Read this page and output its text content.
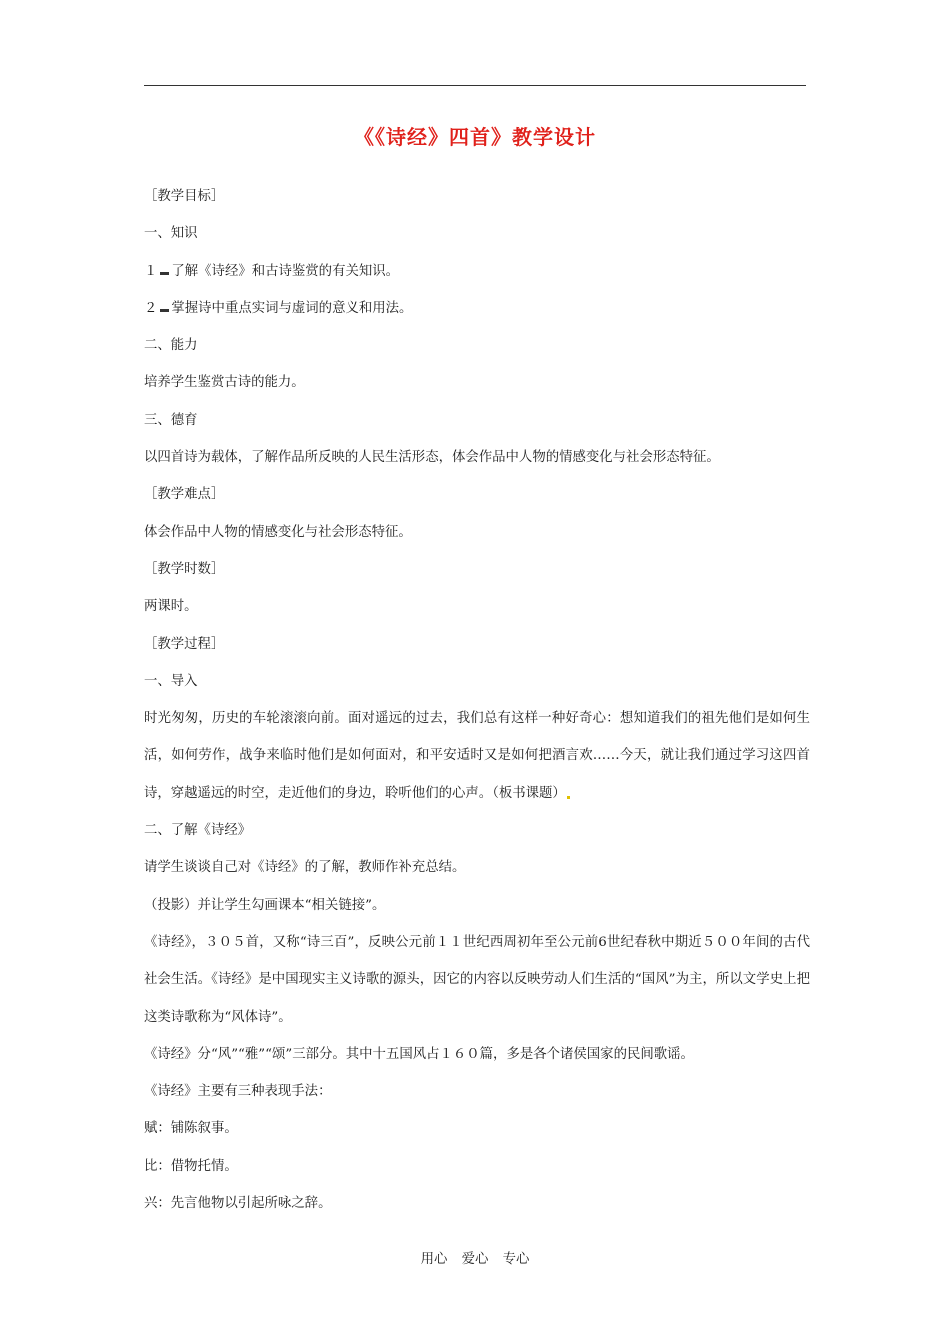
《《诗经》四首》教学设计

［教学目标］

一、知识

１ 了解《诗经》和古诗鉴赏的有关知识。

２ 掌握诗中重点实词与虚词的意义和用法。

二、能力

培养学生鉴赏古诗的能力。

三、德育

以四首诗为载体，了解作品所反映的人民生活形态，体会作品中人物的情感变化与社会形态特征。

［教学难点］

体会作品中人物的情感变化与社会形态特征。

［教学时数］

两课时。

［教学过程］

一、导入

时光匆匆，历史的车轮滚滚向前。面对遥远的过去，我们总有这样一种好奇心：想知道我们的祖先他们是如何生活，如何劳作，战争来临时他们是如何面对，和平安适时又是如何把酒言欢……今天，就让我们通过学习这四首诗，穿越遥远的时空，走近他们的身边，聆听他们的心声。（板书课题）

二、了解《诗经》

请学生谈谈自己对《诗经》的了解，教师作补充总结。

（投影）并让学生勾画课本“相关链接”。

《诗经》，３０５首，又称“诗三百”，反映公元前１１世纪西周初年至公元前6世纪春秋中期近５００年间的古代社会生活。《诗经》是中国现实主义诗歌的源头，因它的内容以反映劳动人们生活的“国风”为主，所以文学史上把这类诗歌称为“风体诗”。

《诗经》分“风”“雅”“颂”三部分。其中十五国风占１６０篇，多是各个诸侯国家的民间歌谣。

《诗经》主要有三种表现手法：

赋：铺陈叙事。

比：借物托情。

兴：先言他物以引起所咏之辞。

用心 爱心 专心
